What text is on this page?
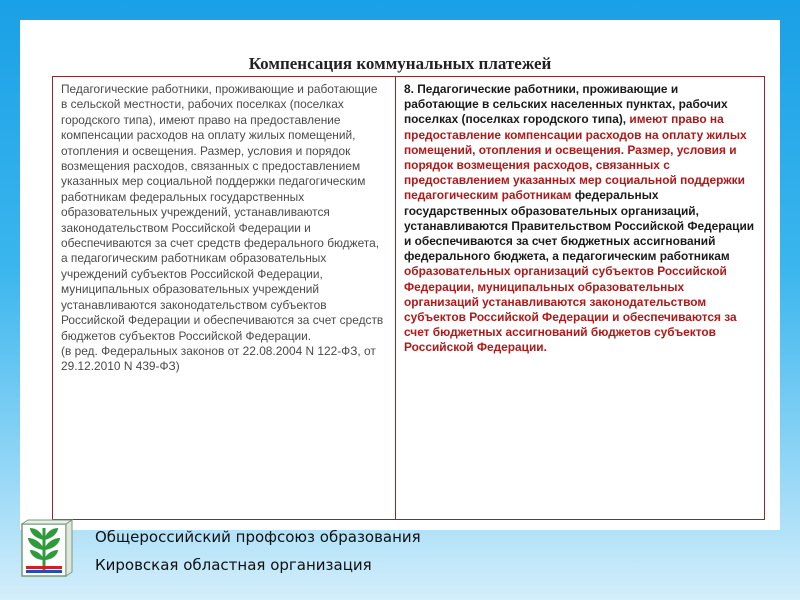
Компенсация коммунальных платежей
Педагогические работники, проживающие и работающие в сельской местности, рабочих поселках (поселках городского типа), имеют право на предоставление компенсации расходов на оплату жилых помещений, отопления и освещения. Размер, условия и порядок возмещения расходов, связанных с предоставлением указанных мер социальной поддержки педагогическим работникам федеральных государственных образовательных учреждений, устанавливаются законодательством Российской Федерации и обеспечиваются за счет средств федерального бюджета, а педагогическим работникам образовательных учреждений субъектов Российской Федерации, муниципальных образовательных учреждений устанавливаются законодательством субъектов Российской Федерации и обеспечиваются за счет средств бюджетов субъектов Российской Федерации.
(в ред. Федеральных законов от 22.08.2004 N 122-ФЗ, от 29.12.2010 N 439-ФЗ)
8. Педагогические работники, проживающие и работающие в сельских населенных пунктах, рабочих поселках (поселках городского типа), имеют право на предоставление компенсации расходов на оплату жилых помещений, отопления и освещения. Размер, условия и порядок возмещения расходов, связанных с предоставлением указанных мер социальной поддержки педагогическим работникам федеральных государственных образовательных организаций, устанавливаются Правительством Российской Федерации и обеспечиваются за счет бюджетных ассигнований федерального бюджета, а педагогическим работникам образовательных организаций субъектов Российской Федерации, муниципальных образовательных организаций устанавливаются законодательством субъектов Российской Федерации и обеспечиваются за счет бюджетных ассигнований бюджетов субъектов Российской Федерации.
Общероссийский профсоюз образования
Кировская областная организация
